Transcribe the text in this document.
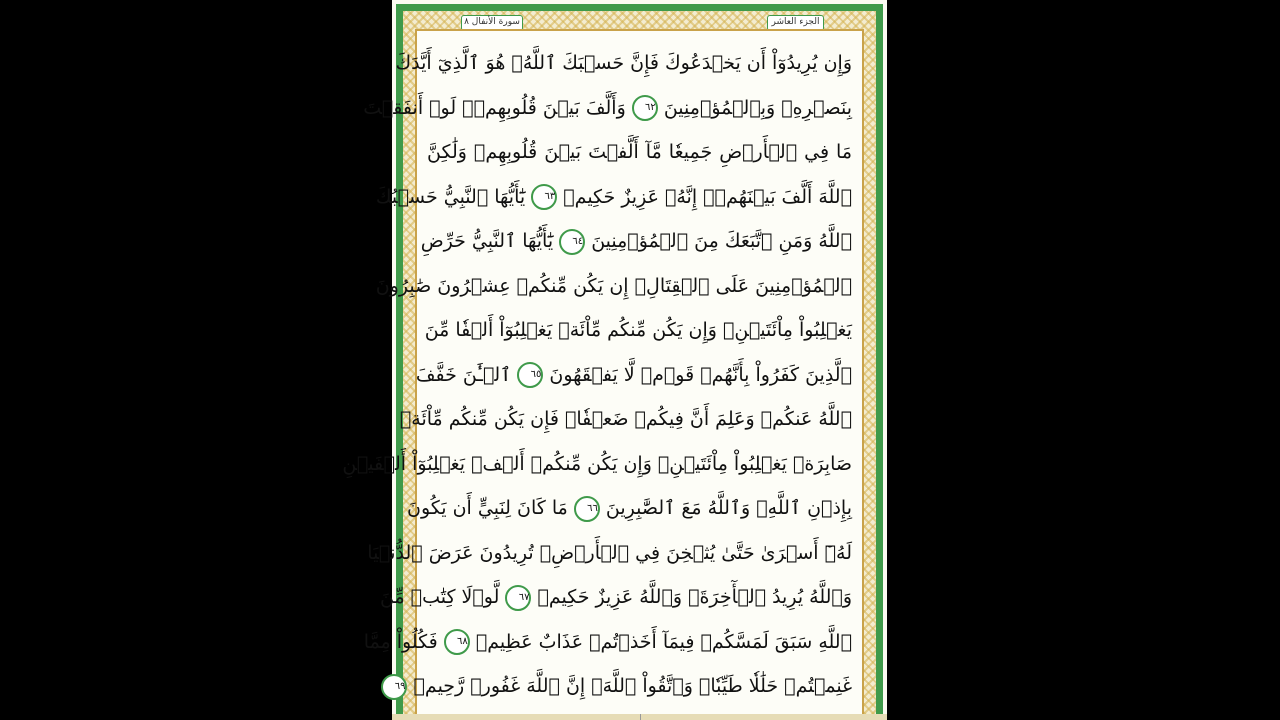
سورة الأنفال ٨	الجزء العاشر
وَإِن يُرِيدُوٓاْ أَن يَخۡدَعُوكَ فَإِنَّ حَسۡبَكَ ٱللَّهُۚ هُوَ ٱلَّذِيٓ أَيَّدَكَ
بِنَصۡرِهِۦ وَبِٱلۡمُؤۡمِنِينَ ٦٢ وَأَلَّفَ بَيۡنَ قُلُوبِهِمۡۚ لَوۡ أَنفَقۡتَ
مَا فِي ٱلۡأَرۡضِ جَمِيعٗا مَّآ أَلَّفۡتَ بَيۡنَ قُلُوبِهِمۡ وَلَٰكِنَّ
ٱللَّهَ أَلَّفَ بَيۡنَهُمۡۚ إِنَّهُۥ عَزِيزٌ حَكِيمٞ ٦٣ يَٰٓأَيُّهَا ٱلنَّبِيُّ حَسۡبُكَ
ٱللَّهُ وَمَنِ ٱتَّبَعَكَ مِنَ ٱلۡمُؤۡمِنِينَ ٦٤ يَٰٓأَيُّهَا ٱلنَّبِيُّ حَرِّضِ
ٱلۡمُؤۡمِنِينَ عَلَى ٱلۡقِتَالِۚ إِن يَكُن مِّنكُمۡ عِشۡرُونَ صَٰبِرُونَ
يَغۡلِبُواْ مِاْئَتَيۡنِۚ وَإِن يَكُن مِّنكُم مِّاْئَةٞ يَغۡلِبُوٓاْ أَلۡفٗا مِّنَ
ٱلَّذِينَ كَفَرُواْ بِأَنَّهُمۡ قَوۡمٞ لَّا يَفۡقَهُونَ ٦٥ ٱلۡـَٰٔنَ خَفَّفَ
ٱللَّهُ عَنكُمۡ وَعَلِمَ أَنَّ فِيكُمۡ ضَعۡفٗاۚ فَإِن يَكُن مِّنكُم مِّاْئَةٞ
صَابِرَةٞ يَغۡلِبُواْ مِاْئَتَيۡنِۚ وَإِن يَكُن مِّنكُمۡ أَلۡفٞ يَغۡلِبُوٓاْ أَلۡفَيۡنِ
بِإِذۡنِ ٱللَّهِۗ وَٱللَّهُ مَعَ ٱلصَّٰبِرِينَ ٦٦ مَا كَانَ لِنَبِيٍّ أَن يَكُونَ
لَهُۥٓ أَسۡرَىٰ حَتَّىٰ يُثۡخِنَ فِي ٱلۡأَرۡضِۚ تُرِيدُونَ عَرَضَ ٱلدُّنۡيَا
وَٱللَّهُ يُرِيدُ ٱلۡأٓخِرَةَۗ وَٱللَّهُ عَزِيزٌ حَكِيمٞ ٦٧ لَّوۡلَا كِتَٰبٞ مِّنَ
ٱللَّهِ سَبَقَ لَمَسَّكُمۡ فِيمَآ أَخَذۡتُمۡ عَذَابٌ عَظِيمٞ ٦٨ فَكُلُواْ مِمَّا
غَنِمۡتُمۡ حَلَٰلٗا طَيِّبٗاۚ وَٱتَّقُواْ ٱللَّهَۚ إِنَّ ٱللَّهَ غَفُورٞ رَّحِيمٞ ٦٩
